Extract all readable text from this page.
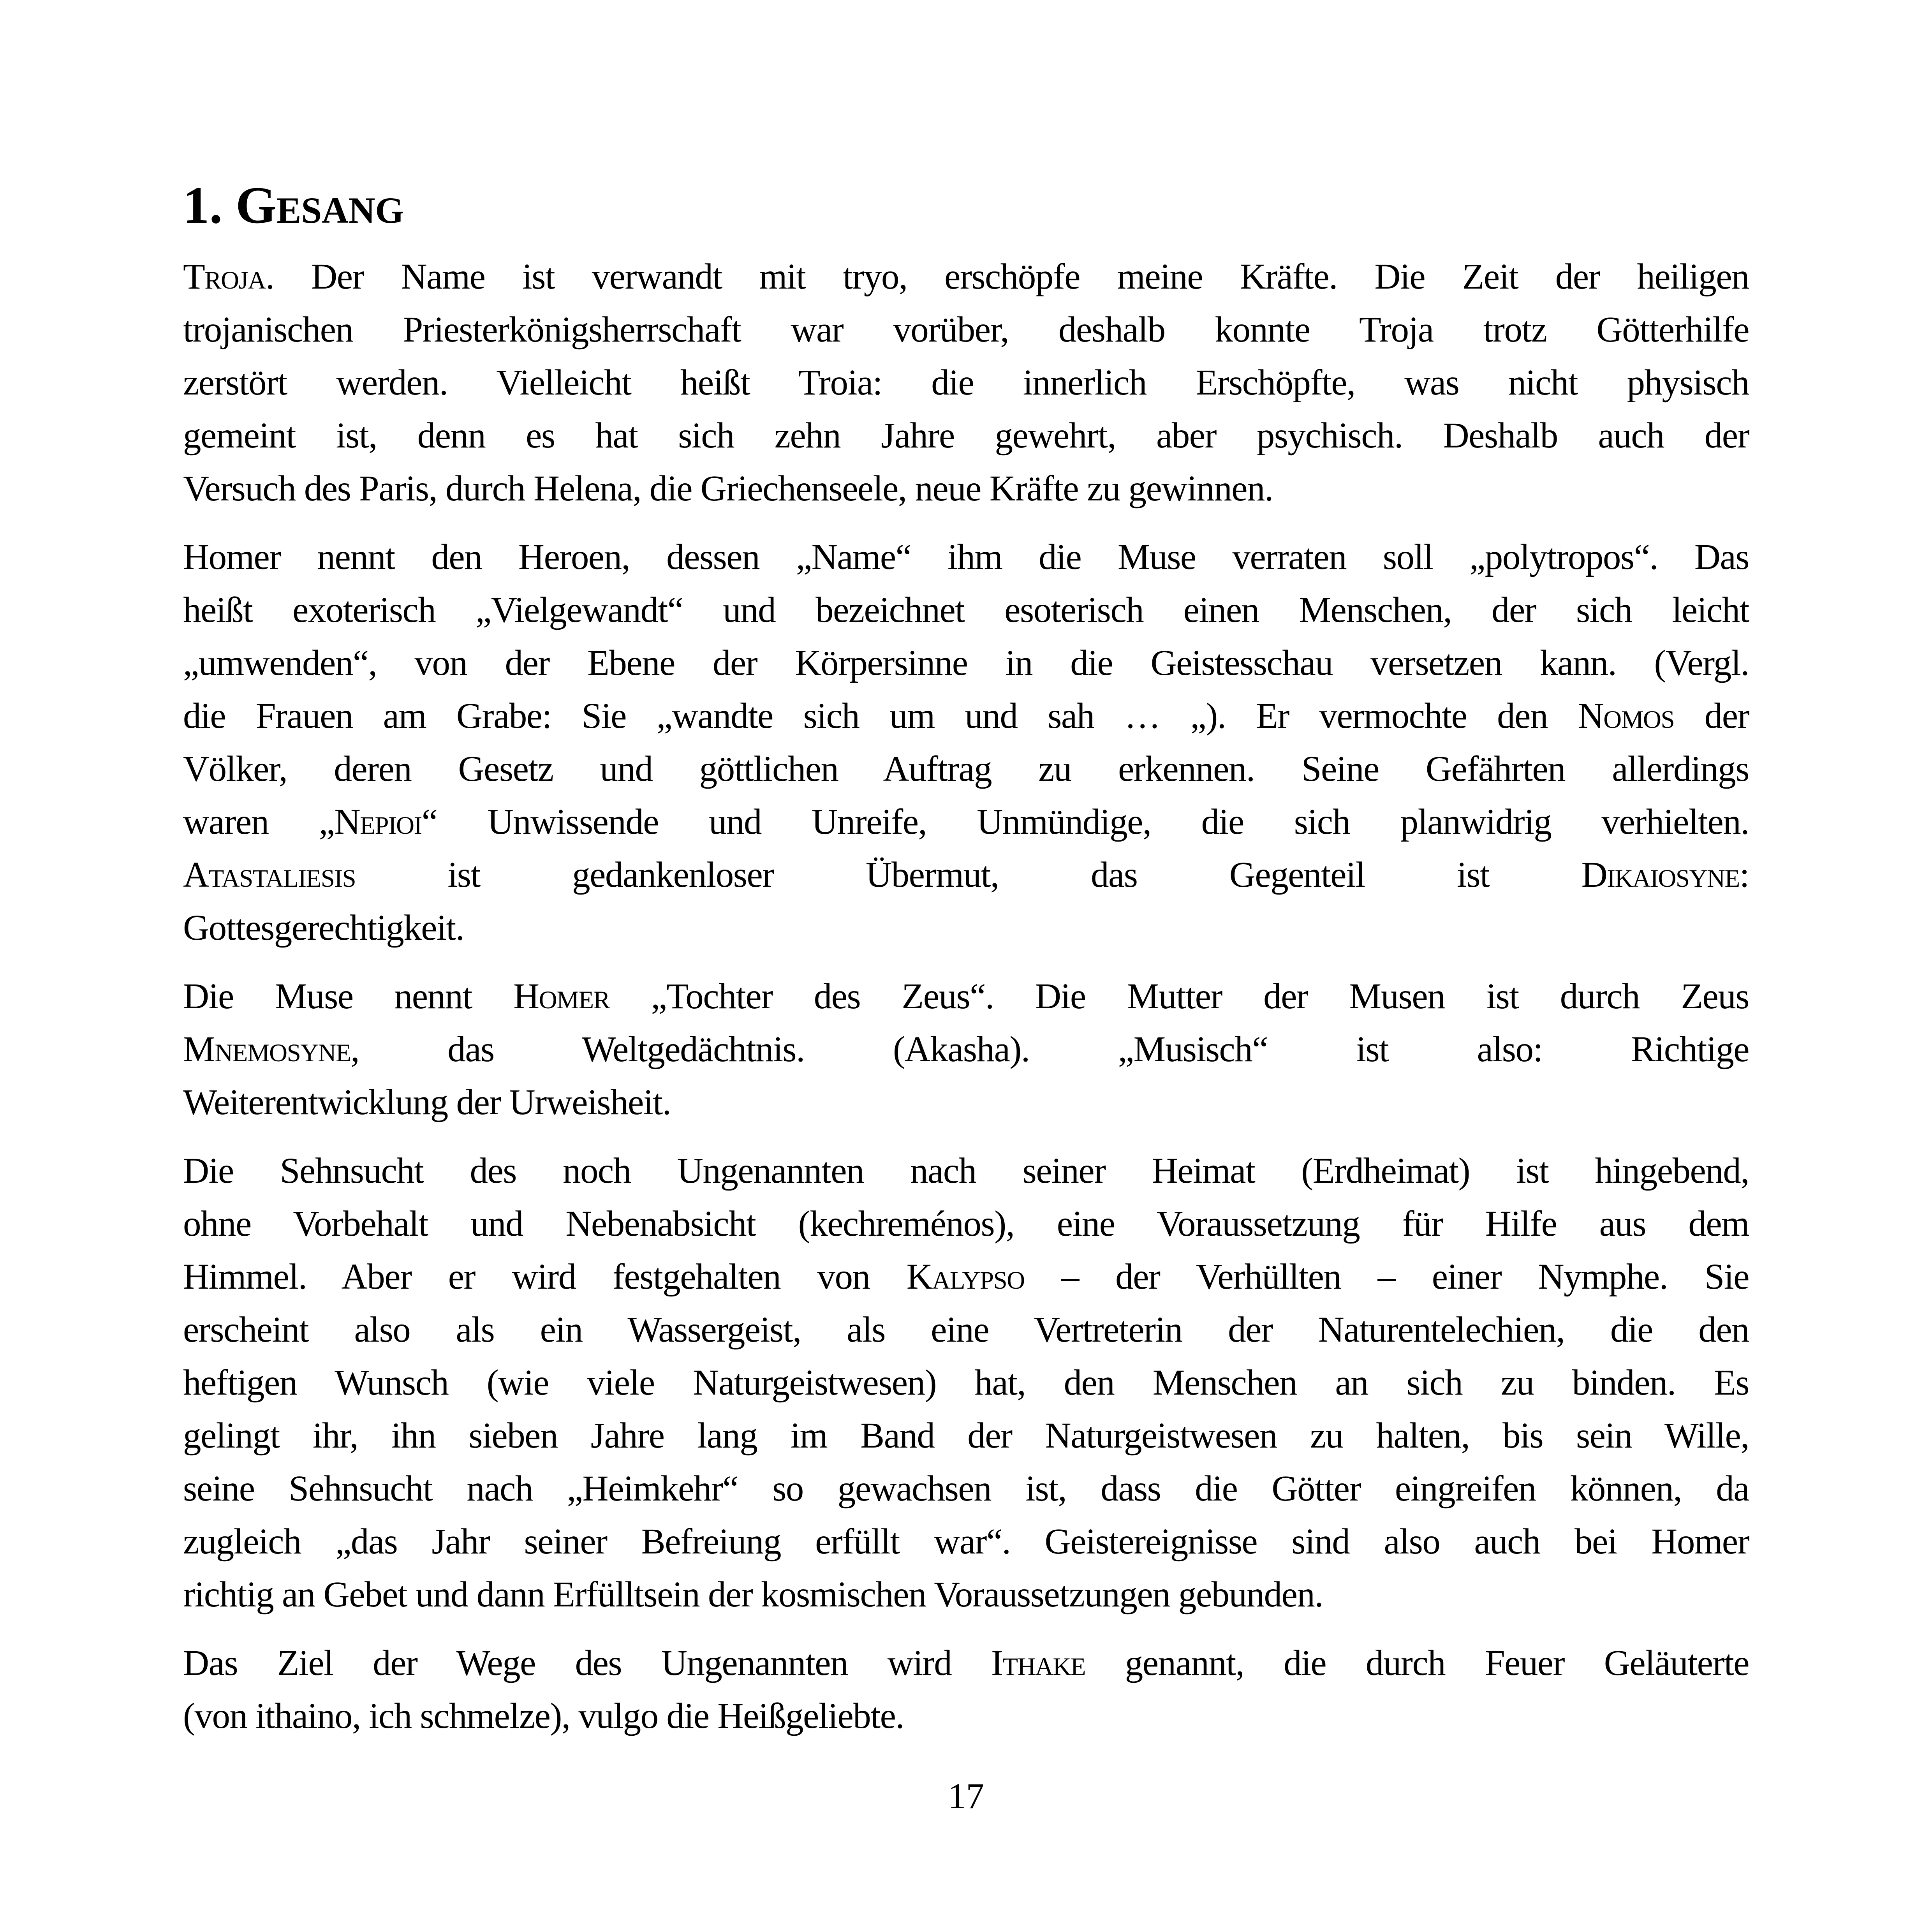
1. Gesang
Troja. Der Name ist verwandt mit tryo, erschöpfe meine Kräfte. Die Zeit der heiligen
trojanischen Priesterkönigsherrschaft war vorüber, deshalb konnte Troja trotz Götterhilfe
zerstört werden. Vielleicht heißt Troia: die innerlich Erschöpfte, was nicht physisch
gemeint ist, denn es hat sich zehn Jahre gewehrt, aber psychisch. Deshalb auch der
Versuch des Paris, durch Helena, die Griechenseele, neue Kräfte zu gewinnen.
Homer nennt den Heroen, dessen „Name“ ihm die Muse verraten soll „polytropos“. Das
heißt exoterisch „Vielgewandt“ und bezeichnet esoterisch einen Menschen, der sich leicht
„umwenden“, von der Ebene der Körpersinne in die Geistesschau versetzen kann. (Vergl.
die Frauen am Grabe: Sie „wandte sich um und sah … „). Er vermochte den Nomos der
Völker, deren Gesetz und göttlichen Auftrag zu erkennen. Seine Gefährten allerdings
waren „Nepioi“ Unwissende und Unreife, Unmündige, die sich planwidrig verhielten.
Atastaliesis ist gedankenloser Übermut, das Gegenteil ist Dikaiosyne:
Gottesgerechtigkeit.
Die Muse nennt Homer „Tochter des Zeus“. Die Mutter der Musen ist durch Zeus
Mnemosyne, das Weltgedächtnis. (Akasha). „Musisch“ ist also: Richtige
Weiterentwicklung der Urweisheit.
Die Sehnsucht des noch Ungenannten nach seiner Heimat (Erdheimat) ist hingebend,
ohne Vorbehalt und Nebenabsicht (kechreménos), eine Voraussetzung für Hilfe aus dem
Himmel. Aber er wird festgehalten von Kalypso – der Verhüllten – einer Nymphe. Sie
erscheint also als ein Wassergeist, als eine Vertreterin der Naturentelechien, die den
heftigen Wunsch (wie viele Naturgeistwesen) hat, den Menschen an sich zu binden. Es
gelingt ihr, ihn sieben Jahre lang im Band der Naturgeistwesen zu halten, bis sein Wille,
seine Sehnsucht nach „Heimkehr“ so gewachsen ist, dass die Götter eingreifen können, da
zugleich „das Jahr seiner Befreiung erfüllt war“. Geistereignisse sind also auch bei Homer
richtig an Gebet und dann Erfülltsein der kosmischen Voraussetzungen gebunden.
Das Ziel der Wege des Ungenannten wird Ithake genannt, die durch Feuer Geläuterte
(von ithaino, ich schmelze), vulgo die Heißgeliebte.
17
